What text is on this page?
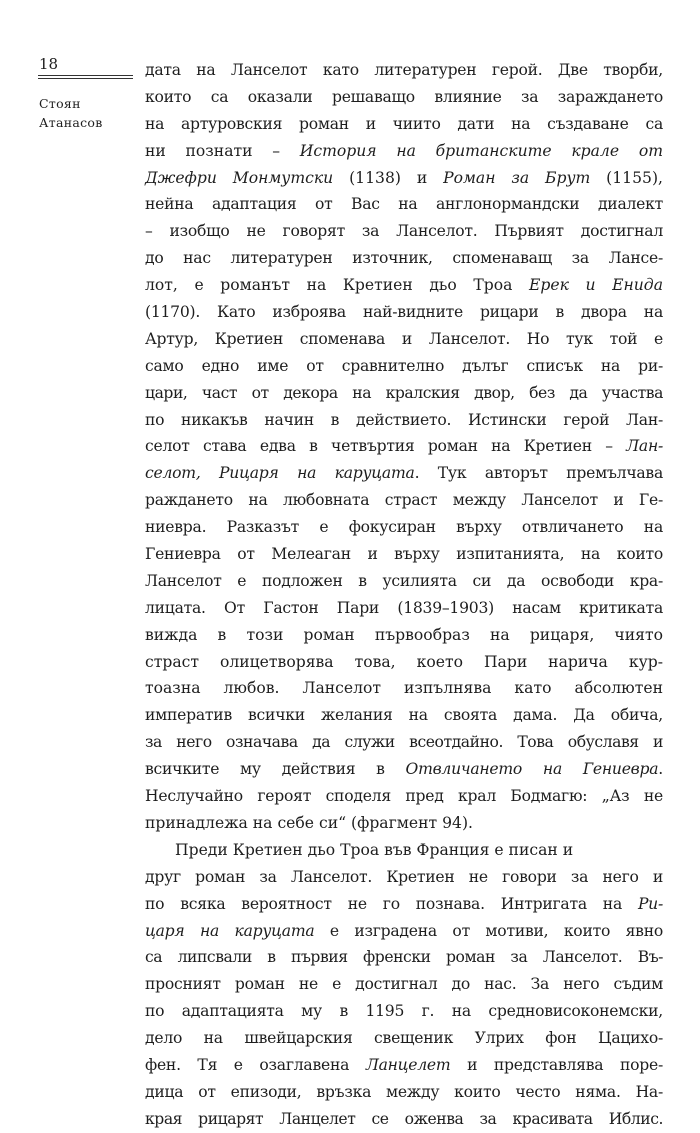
18
Стоян
Атанасов
дата на Ланселот като литературен герой. Две творби,
които са оказали решаващо влияние за зараждането
на артуровския роман и чиито дати на създаване са
ни познати – История на британските крале от
Джефри Монмутски (1138) и Роман за Брут (1155),
нейна адаптация от Вас на англонормандски диалект
– изобщо не говорят за Ланселот. Първият достигнал
до нас литературен източник, споменаващ за Лансе-
лот, е романът на Кретиен дьо Троа Ерек и Енида
(1170). Като изброява най-видните рицари в двора на
Артур, Кретиен споменава и Ланселот. Но тук той е
само едно име от сравнително дълъг списък на ри-
цари, част от декора на кралския двор, без да участва
по никакъв начин в действието. Истински герой Лан-
селот става едва в четвъртия роман на Кретиен – Лан-
селот, Рицаря на каруцата. Тук авторът премълчава
раждането на любовната страст между Ланселот и Ге-
ниевра. Разказът е фокусиран върху отвличането на
Гениевра от Мелеаган и върху изпитанията, на които
Ланселот е подложен в усилията си да освободи кра-
лицата. От Гастон Пари (1839–1903) насам критиката
вижда в този роман първообраз на рицаря, чиято
страст олицетворява това, което Пари нарича кур-
тоазна любов. Ланселот изпълнява като абсолютен
императив всички желания на своята дама. Да обича,
за него означава да служи всеотдайно. Това обуславя и
всичките му действия в Отвличането на Гениевра.
Неслучайно героят споделя пред крал Бодмагю: „Аз не
принадлежа на себе си“ (фрагмент 94).
Преди Кретиен дьо Троа във Франция е писан и
друг роман за Ланселот. Кретиен не говори за него и
по всяка вероятност не го познава. Интригата на Ри-
царя на каруцата е изградена от мотиви, които явно
са липсвали в първия френски роман за Ланселот. Въ-
просният роман не е достигнал до нас. За него съдим
по адаптацията му в 1195 г. на средновисоконемски,
дело на швейцарския свещеник Улрих фон Цацихо-
фен. Тя е озаглавена Ланцелет и представлява поре-
дица от епизоди, връзка между които често няма. На-
края рицарят Ланцелет се оженва за красивата Иблис.
